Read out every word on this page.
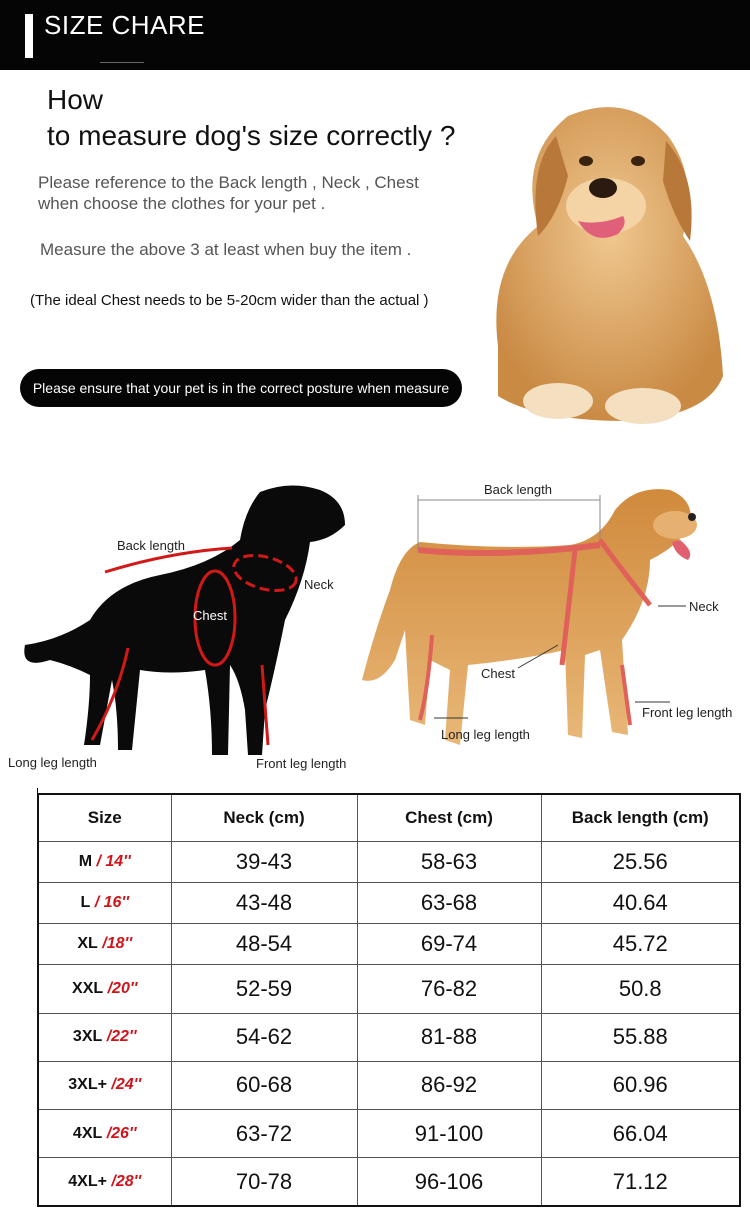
SIZE CHARE
How
to measure dog's size correctly ?
Please reference to the Back length , Neck , Chest
when choose the clothes for your pet .
Measure the above 3 at least when buy the item .
(The ideal Chest needs to be 5-20cm wider than the actual )
Please ensure that your pet is in the correct posture when measure
Back length
Neck
Chest
Long leg length	Front leg length
Back length
Neck
Chest
Long leg length
Front leg length
Size	Neck (cm)	Chest (cm)	Back length (cm)
M / 14''	39-43	58-63	25.56
L / 16''	43-48	63-68	40.64
XL /18''	48-54	69-74	45.72
XXL /20''	52-59	76-82	50.8
3XL /22''	54-62	81-88	55.88
3XL+ /24''	60-68	86-92	60.96
4XL /26''	63-72	91-100	66.04
4XL+ /28''	70-78	96-106	71.12
